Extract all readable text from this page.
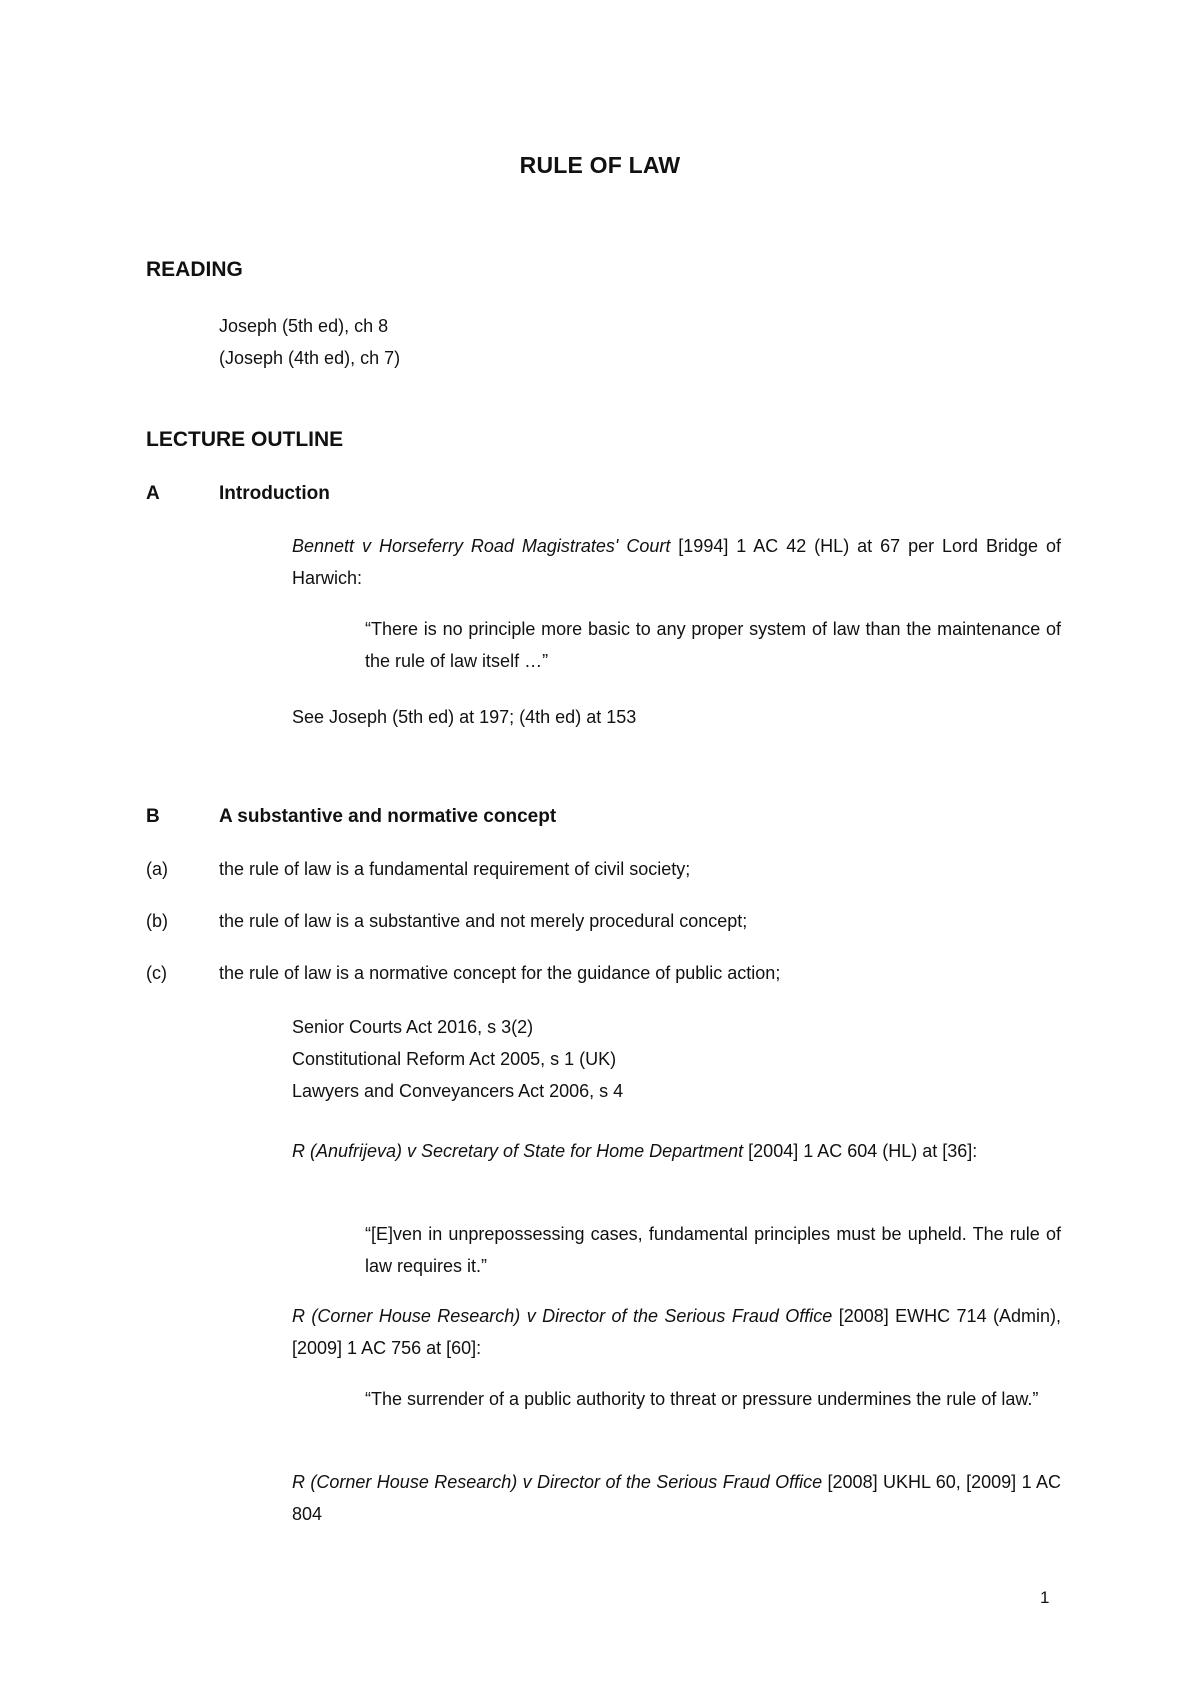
RULE OF LAW
READING
Joseph (5th ed), ch 8
(Joseph (4th ed), ch 7)
LECTURE OUTLINE
A	Introduction
Bennett v Horseferry Road Magistrates' Court [1994] 1 AC 42 (HL) at 67 per Lord Bridge of Harwich:
“There is no principle more basic to any proper system of law than the maintenance of the rule of law itself …”
See Joseph (5th ed) at 197; (4th ed) at 153
B	A substantive and normative concept
(a)	the rule of law is a fundamental requirement of civil society;
(b)	the rule of law is a substantive and not merely procedural concept;
(c)	the rule of law is a normative concept for the guidance of public action;
Senior Courts Act 2016, s 3(2)
Constitutional Reform Act 2005, s 1 (UK)
Lawyers and Conveyancers Act 2006, s 4
R (Anufrijeva) v Secretary of State for Home Department [2004] 1 AC 604 (HL) at [36]:
“[E]ven in unprepossessing cases, fundamental principles must be upheld. The rule of law requires it.”
R (Corner House Research) v Director of the Serious Fraud Office [2008] EWHC 714 (Admin), [2009] 1 AC 756 at [60]:
“The surrender of a public authority to threat or pressure undermines the rule of law.”
R (Corner House Research) v Director of the Serious Fraud Office [2008] UKHL 60, [2009] 1 AC 804
1
